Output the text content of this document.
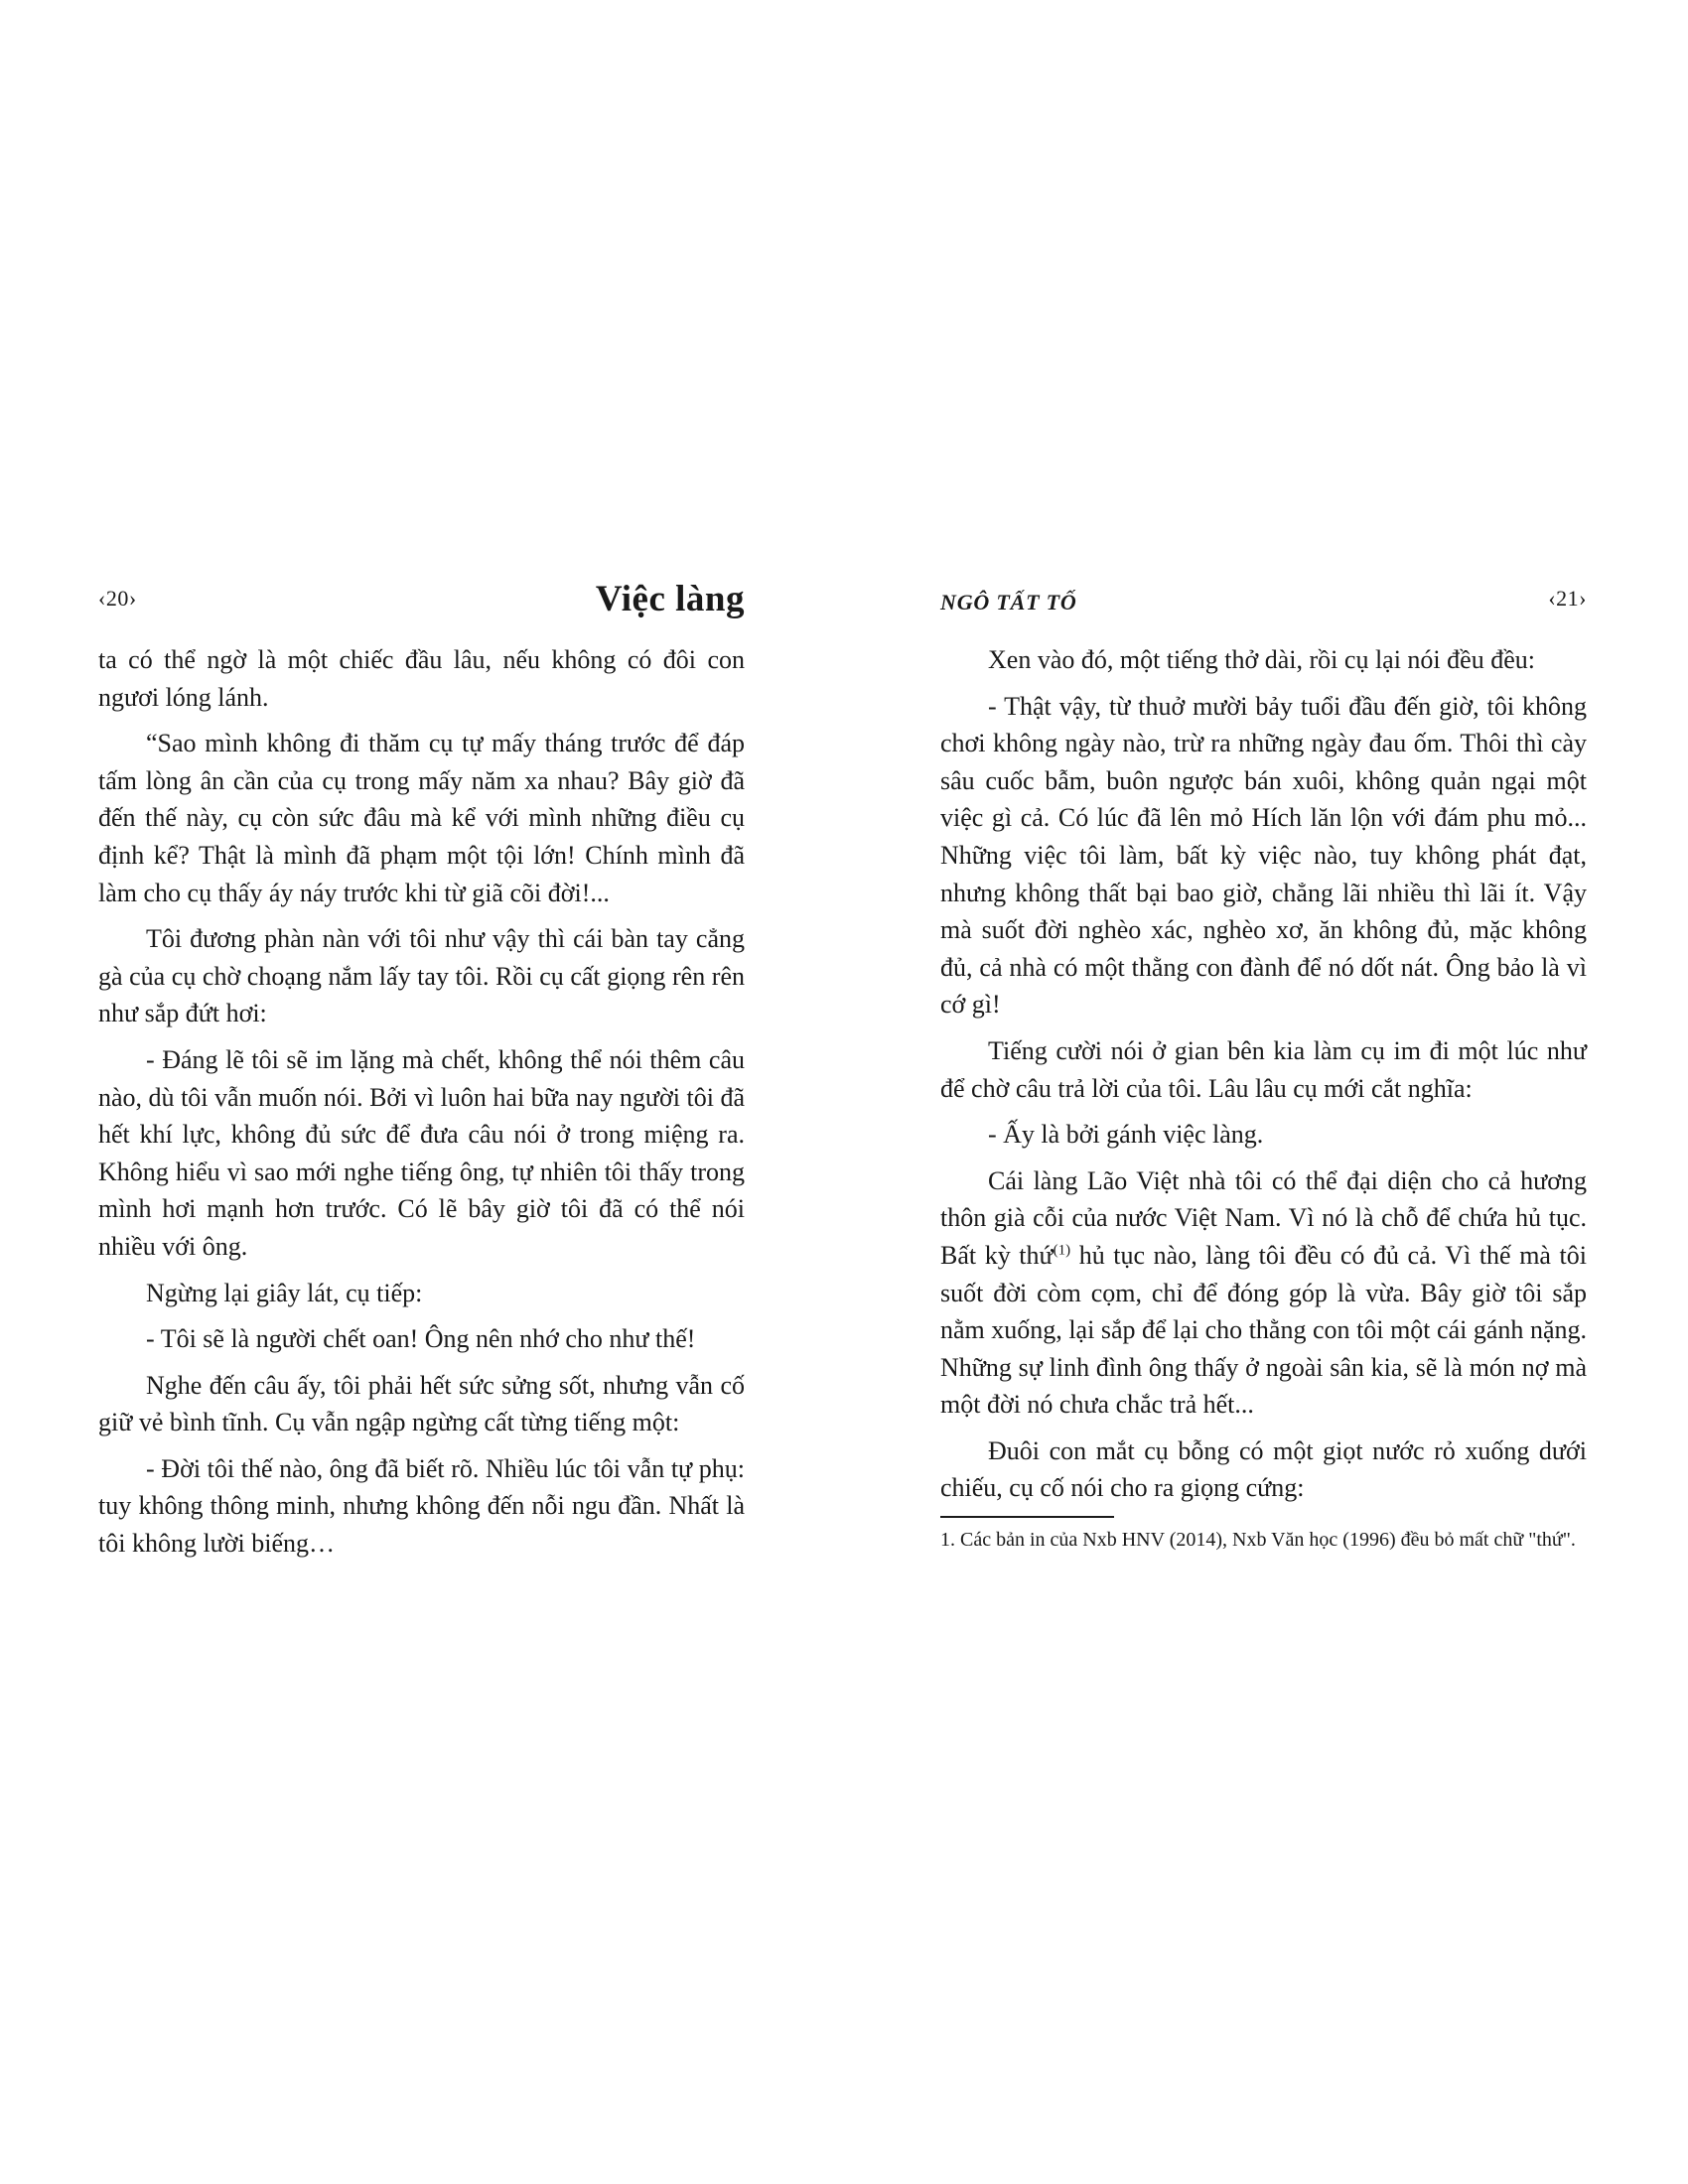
‹20›	Việc làng

ta có thể ngờ là một chiếc đầu lâu, nếu không có đôi con ngươi lóng lánh.

“Sao mình không đi thăm cụ tự mấy tháng trước để đáp tấm lòng ân cần của cụ trong mấy năm xa nhau? Bây giờ đã đến thế này, cụ còn sức đâu mà kể với mình những điều cụ định kể? Thật là mình đã phạm một tội lớn! Chính mình đã làm cho cụ thấy áy náy trước khi từ giã cõi đời!...

Tôi đương phàn nàn với tôi như vậy thì cái bàn tay cẳng gà của cụ chờ choạng nắm lấy tay tôi. Rồi cụ cất giọng rên rên như sắp đứt hơi:

- Đáng lẽ tôi sẽ im lặng mà chết, không thể nói thêm câu nào, dù tôi vẫn muốn nói. Bởi vì luôn hai bữa nay người tôi đã hết khí lực, không đủ sức để đưa câu nói ở trong miệng ra. Không hiểu vì sao mới nghe tiếng ông, tự nhiên tôi thấy trong mình hơi mạnh hơn trước. Có lẽ bây giờ tôi đã có thể nói nhiều với ông.

Ngừng lại giây lát, cụ tiếp:

- Tôi sẽ là người chết oan! Ông nên nhớ cho như thế!

Nghe đến câu ấy, tôi phải hết sức sửng sốt, nhưng vẫn cố giữ vẻ bình tĩnh. Cụ vẫn ngập ngừng cất từng tiếng một:

- Đời tôi thế nào, ông đã biết rõ. Nhiều lúc tôi vẫn tự phụ: tuy không thông minh, nhưng không đến nỗi ngu đần. Nhất là tôi không lười biếng…

NGÔ TẤT TỐ	‹21›

Xen vào đó, một tiếng thở dài, rồi cụ lại nói đều đều:

- Thật vậy, từ thuở mười bảy tuổi đầu đến giờ, tôi không chơi không ngày nào, trừ ra những ngày đau ốm. Thôi thì cày sâu cuốc bẫm, buôn ngược bán xuôi, không quản ngại một việc gì cả. Có lúc đã lên mỏ Hích lăn lộn với đám phu mỏ... Những việc tôi làm, bất kỳ việc nào, tuy không phát đạt, nhưng không thất bại bao giờ, chẳng lãi nhiều thì lãi ít. Vậy mà suốt đời nghèo xác, nghèo xơ, ăn không đủ, mặc không đủ, cả nhà có một thằng con đành để nó dốt nát. Ông bảo là vì cớ gì!

Tiếng cười nói ở gian bên kia làm cụ im đi một lúc như để chờ câu trả lời của tôi. Lâu lâu cụ mới cắt nghĩa:

- Ấy là bởi gánh việc làng.

Cái làng Lão Việt nhà tôi có thể đại diện cho cả hương thôn già cỗi của nước Việt Nam. Vì nó là chỗ để chứa hủ tục. Bất kỳ thứ$^{(1)}$ hủ tục nào, làng tôi đều có đủ cả. Vì thế mà tôi suốt đời còm cọm, chỉ để đóng góp là vừa. Bây giờ tôi sắp nằm xuống, lại sắp để lại cho thằng con tôi một cái gánh nặng. Những sự linh đình ông thấy ở ngoài sân kia, sẽ là món nợ mà một đời nó chưa chắc trả hết...

Đuôi con mắt cụ bỗng có một giọt nước rỏ xuống dưới chiếu, cụ cố nói cho ra giọng cứng:

1. Các bản in của Nxb HNV (2014), Nxb Văn học (1996) đều bỏ mất chữ "thứ".
